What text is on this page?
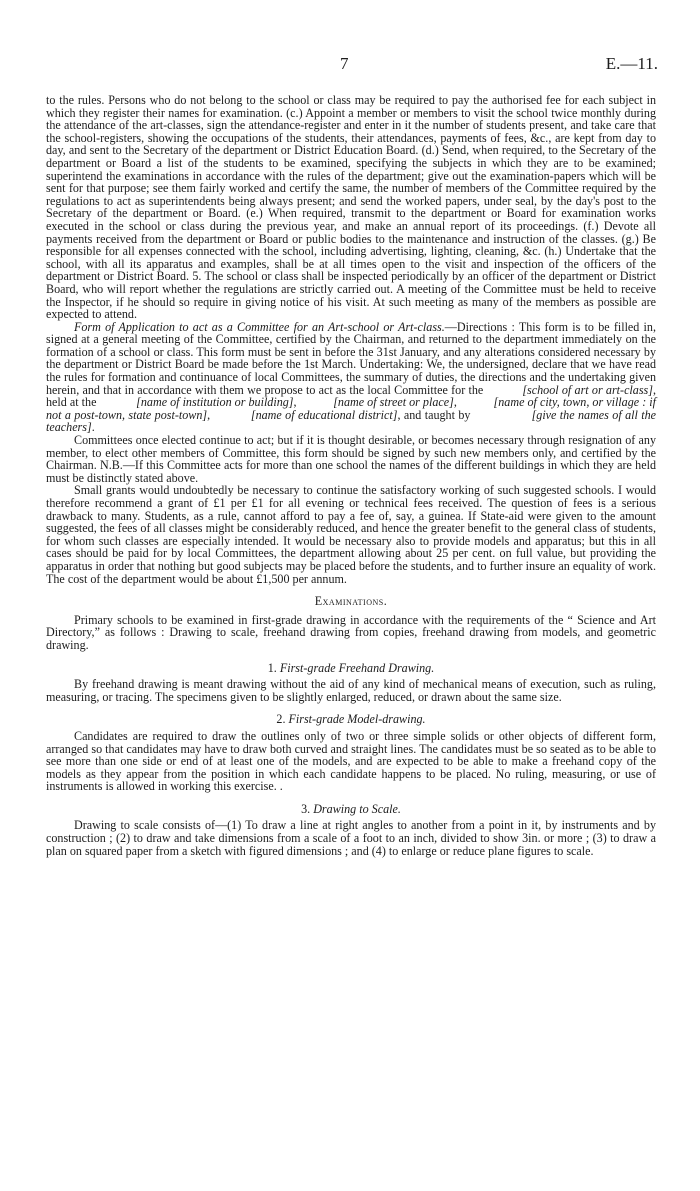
7	E.—11.

to the rules. Persons who do not belong to the school or class may be required to pay the authorised fee for each subject in which they register their names for examination. (c.) Appoint a member or members to visit the school twice monthly during the attendance of the art-classes, sign the attendance-register and enter in it the number of students present, and take care that the school-registers, showing the occupations of the students, their attendances, payments of fees, &c., are kept from day to day, and sent to the Secretary of the department or District Education Board. (d.) Send, when required, to the Secretary of the department or Board a list of the students to be examined, specifying the subjects in which they are to be examined; superintend the examinations in accordance with the rules of the department; give out the examination-papers which will be sent for that purpose; see them fairly worked and certify the same, the number of members of the Committee required by the regulations to act as superintendents being always present; and send the worked papers, under seal, by the day's post to the Secretary of the department or Board. (e.) When required, transmit to the department or Board for examination works executed in the school or class during the previous year, and make an annual report of its proceedings. (f.) Devote all payments received from the department or Board or public bodies to the maintenance and instruction of the classes. (g.) Be responsible for all expenses connected with the school, including advertising, lighting, cleaning, &c. (h.) Undertake that the school, with all its apparatus and examples, shall be at all times open to the visit and inspection of the officers of the department or District Board. 5. The school or class shall be inspected periodically by an officer of the department or District Board, who will report whether the regulations are strictly carried out. A meeting of the Committee must be held to receive the Inspector, if he should so require in giving notice of his visit. At such meeting as many of the members as possible are expected to attend.

Form of Application to act as a Committee for an Art-school or Art-class.—Directions : This form is to be filled in, signed at a general meeting of the Committee, certified by the Chairman, and returned to the department immediately on the formation of a school or class. This form must be sent in before the 31st January, and any alterations considered necessary by the department or District Board be made before the 1st March. Undertaking: We, the undersigned, declare that we have read the rules for formation and continuance of local Committees, the summary of duties, the directions and the undertaking given herein, and that in accordance with them we propose to act as the local Committee for the	[school of art or art-class], held at the	[name of institution or building],	[name of street or place],	[name of city, town, or village : if not a post-town, state post-town],	[name of educational district], and taught by	[give the names of all the teachers].

Committees once elected continue to act; but if it is thought desirable, or becomes necessary through resignation of any member, to elect other members of Committee, this form should be signed by such new members only, and certified by the Chairman. N.B.—If this Committee acts for more than one school the names of the different buildings in which they are held must be distinctly stated above.

Small grants would undoubtedly be necessary to continue the satisfactory working of such suggested schools. I would therefore recommend a grant of £1 per £1 for all evening or technical fees received. The question of fees is a serious drawback to many. Students, as a rule, cannot afford to pay a fee of, say, a guinea. If State-aid were given to the amount suggested, the fees of all classes might be considerably reduced, and hence the greater benefit to the general class of students, for whom such classes are especially intended. It would be necessary also to provide models and apparatus; but this in all cases should be paid for by local Committees, the department allowing about 25 per cent. on full value, but providing the apparatus in order that nothing but good subjects may be placed before the students, and to further insure an equality of work. The cost of the department would be about £1,500 per annum.

Examinations.

Primary schools to be examined in first-grade drawing in accordance with the requirements of the “ Science and Art Directory,” as follows : Drawing to scale, freehand drawing from copies, freehand drawing from models, and geometric drawing.

1. First-grade Freehand Drawing.

By freehand drawing is meant drawing without the aid of any kind of mechanical means of execution, such as ruling, measuring, or tracing. The specimens given to be slightly enlarged, reduced, or drawn about the same size.

2. First-grade Model-drawing.

Candidates are required to draw the outlines only of two or three simple solids or other objects of different form, arranged so that candidates may have to draw both curved and straight lines. The candidates must be so seated as to be able to see more than one side or end of at least one of the models, and are expected to be able to make a freehand copy of the models as they appear from the position in which each candidate happens to be placed. No ruling, measuring, or use of instruments is allowed in working this exercise. .

3. Drawing to Scale.

Drawing to scale consists of—(1) To draw a line at right angles to another from a point in it, by instruments and by construction ; (2) to draw and take dimensions from a scale of a foot to an inch, divided to show 3in. or more ; (3) to draw a plan on squared paper from a sketch with figured dimensions ; and (4) to enlarge or reduce plane figures to scale.
